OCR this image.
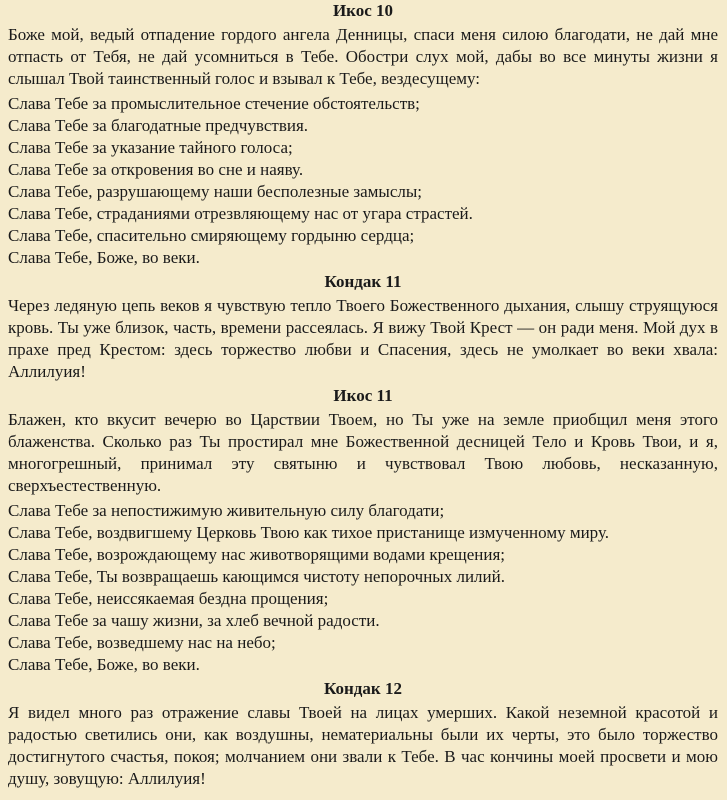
Икос 10

Боже мой, ведый отпадение гордого ангела Денницы, спаси меня силою благодати, не дай мне отпасть от Тебя, не дай усомниться в Тебе. Обостри слух мой, дабы во все минуты жизни я слышал Твой таинственный голос и взывал к Тебе, вездесущему:

Слава Тебе за промыслительное стечение обстоятельств;

Слава Тебе за благодатные предчувствия.

Слава Тебе за указание тайного голоса;

Слава Тебе за откровения во сне и наяву.

Слава Тебе, разрушающему наши бесполезные замыслы;

Слава Тебе, страданиями отрезвляющему нас от угара страстей.

Слава Тебе, спасительно смиряющему гордыню сердца;

Слава Тебе, Боже, во веки.

Кондак 11

Через ледяную цепь веков я чувствую тепло Твоего Божественного дыхания, слышу струящуюся кровь. Ты уже близок, часть, времени рассеялась. Я вижу Твой Крест — он ради меня. Мой дух в прахе пред Крестом: здесь торжество любви и Спасения, здесь не умолкает во веки хвала: Аллилуия!

Икос 11

Блажен, кто вкусит вечерю во Царствии Твоем, но Ты уже на земле приобщил меня этого блаженства. Сколько раз Ты простирал мне Божественной десницей Тело и Кровь Твои, и я, многогрешный, принимал эту святыню и чувствовал Твою любовь, несказанную, сверхъестественную.

Слава Тебе за непостижимую живительную силу благодати;

Слава Тебе, воздвигшему Церковь Твою как тихое пристанище измученному миру.

Слава Тебе, возрождающему нас животворящими водами крещения;

Слава Тебе, Ты возвращаешь кающимся чистоту непорочных лилий.

Слава Тебе, неиссякаемая бездна прощения;

Слава Тебе за чашу жизни, за хлеб вечной радости.

Слава Тебе, возведшему нас на небо;

Слава Тебе, Боже, во веки.

Кондак 12

Я видел много раз отражение славы Твоей на лицах умерших. Какой неземной красотой и радостью светились они, как воздушны, нематериальны были их черты, это было торжество достигнутого счастья, покоя; молчанием они звали к Тебе. В час кончины моей просвети и мою душу, зовущую: Аллилуия!
